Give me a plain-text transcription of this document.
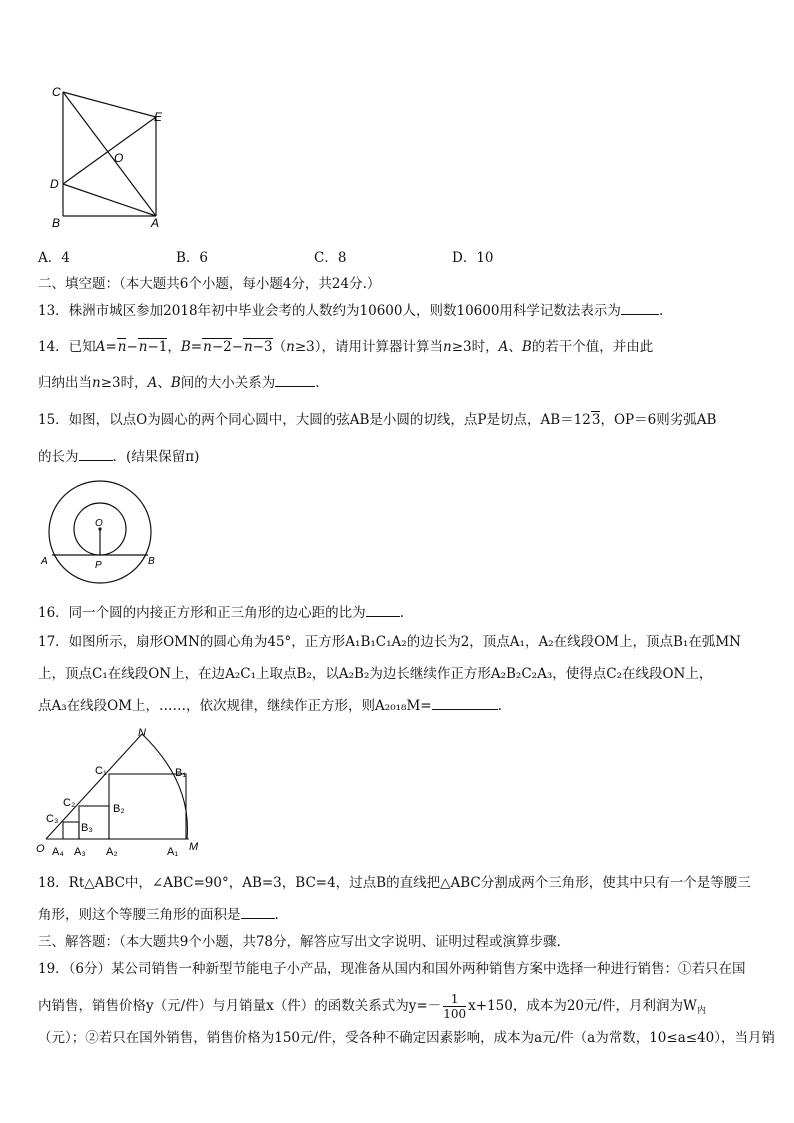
C
E
O
D
B	A
A．4	B．6	C．8	D．10
二、填空题：（本大题共6个小题，每小题4分，共24分.）
13．株洲市城区参加2018年初中毕业会考的人数约为10600人，则数10600用科学记数法表示为	.
14．已知A=n−n−1，B=n−2−n−3（n≥3），请用计算器计算当n≥3时，A、B的若干个值，并由此
归纳出当n≥3时，A、B间的大小关系为	.
15．如图，以点O为圆心的两个同心圆中，大圆的弦AB是小圆的切线，点P是切点，AB＝123，OP＝6则劣弧AB
的长为	．(结果保留π)
O
A	P	B
16．同一个圆的内接正方形和正三角形的边心距的比为	.
17．如图所示，扇形OMN的圆心角为45°，正方形A₁B₁C₁A₂的边长为2，顶点A₁，A₂在线段OM上，顶点B₁在弧MN
上，顶点C₁在线段ON上，在边A₂C₁上取点B₂，以A₂B₂为边长继续作正方形A₂B₂C₂A₃，使得点C₂在线段ON上，
点A₃在线段OM上，……，依次规律，继续作正方形，则A₂₀₁₈M=	.
N
C₁	B₁
C₂	B₂
C₃
B₃
O A₄ A₃ A₂	A₁ M
18．Rt△ABC中，∠ABC=90°，AB=3，BC=4，过点B的直线把△ABC分割成两个三角形，使其中只有一个是等腰三
角形，则这个等腰三角形的面积是	.
三、解答题：（本大题共9个小题，共78分，解答应写出文字说明、证明过程或演算步骤.
19．（6分）某公司销售一种新型节能电子小产品，现准备从国内和国外两种销售方案中选择一种进行销售：①若只在国
内销售，销售价格y（元/件）与月销量x（件）的函数关系式为$y=- \frac{1}{100} x+150$，成本为20元/件，月利润为$W_内$
（元）；②若只在国外销售，销售价格为150元/件，受各种不确定因素影响，成本为a元/件（a为常数，10≤a≤40），当月销
